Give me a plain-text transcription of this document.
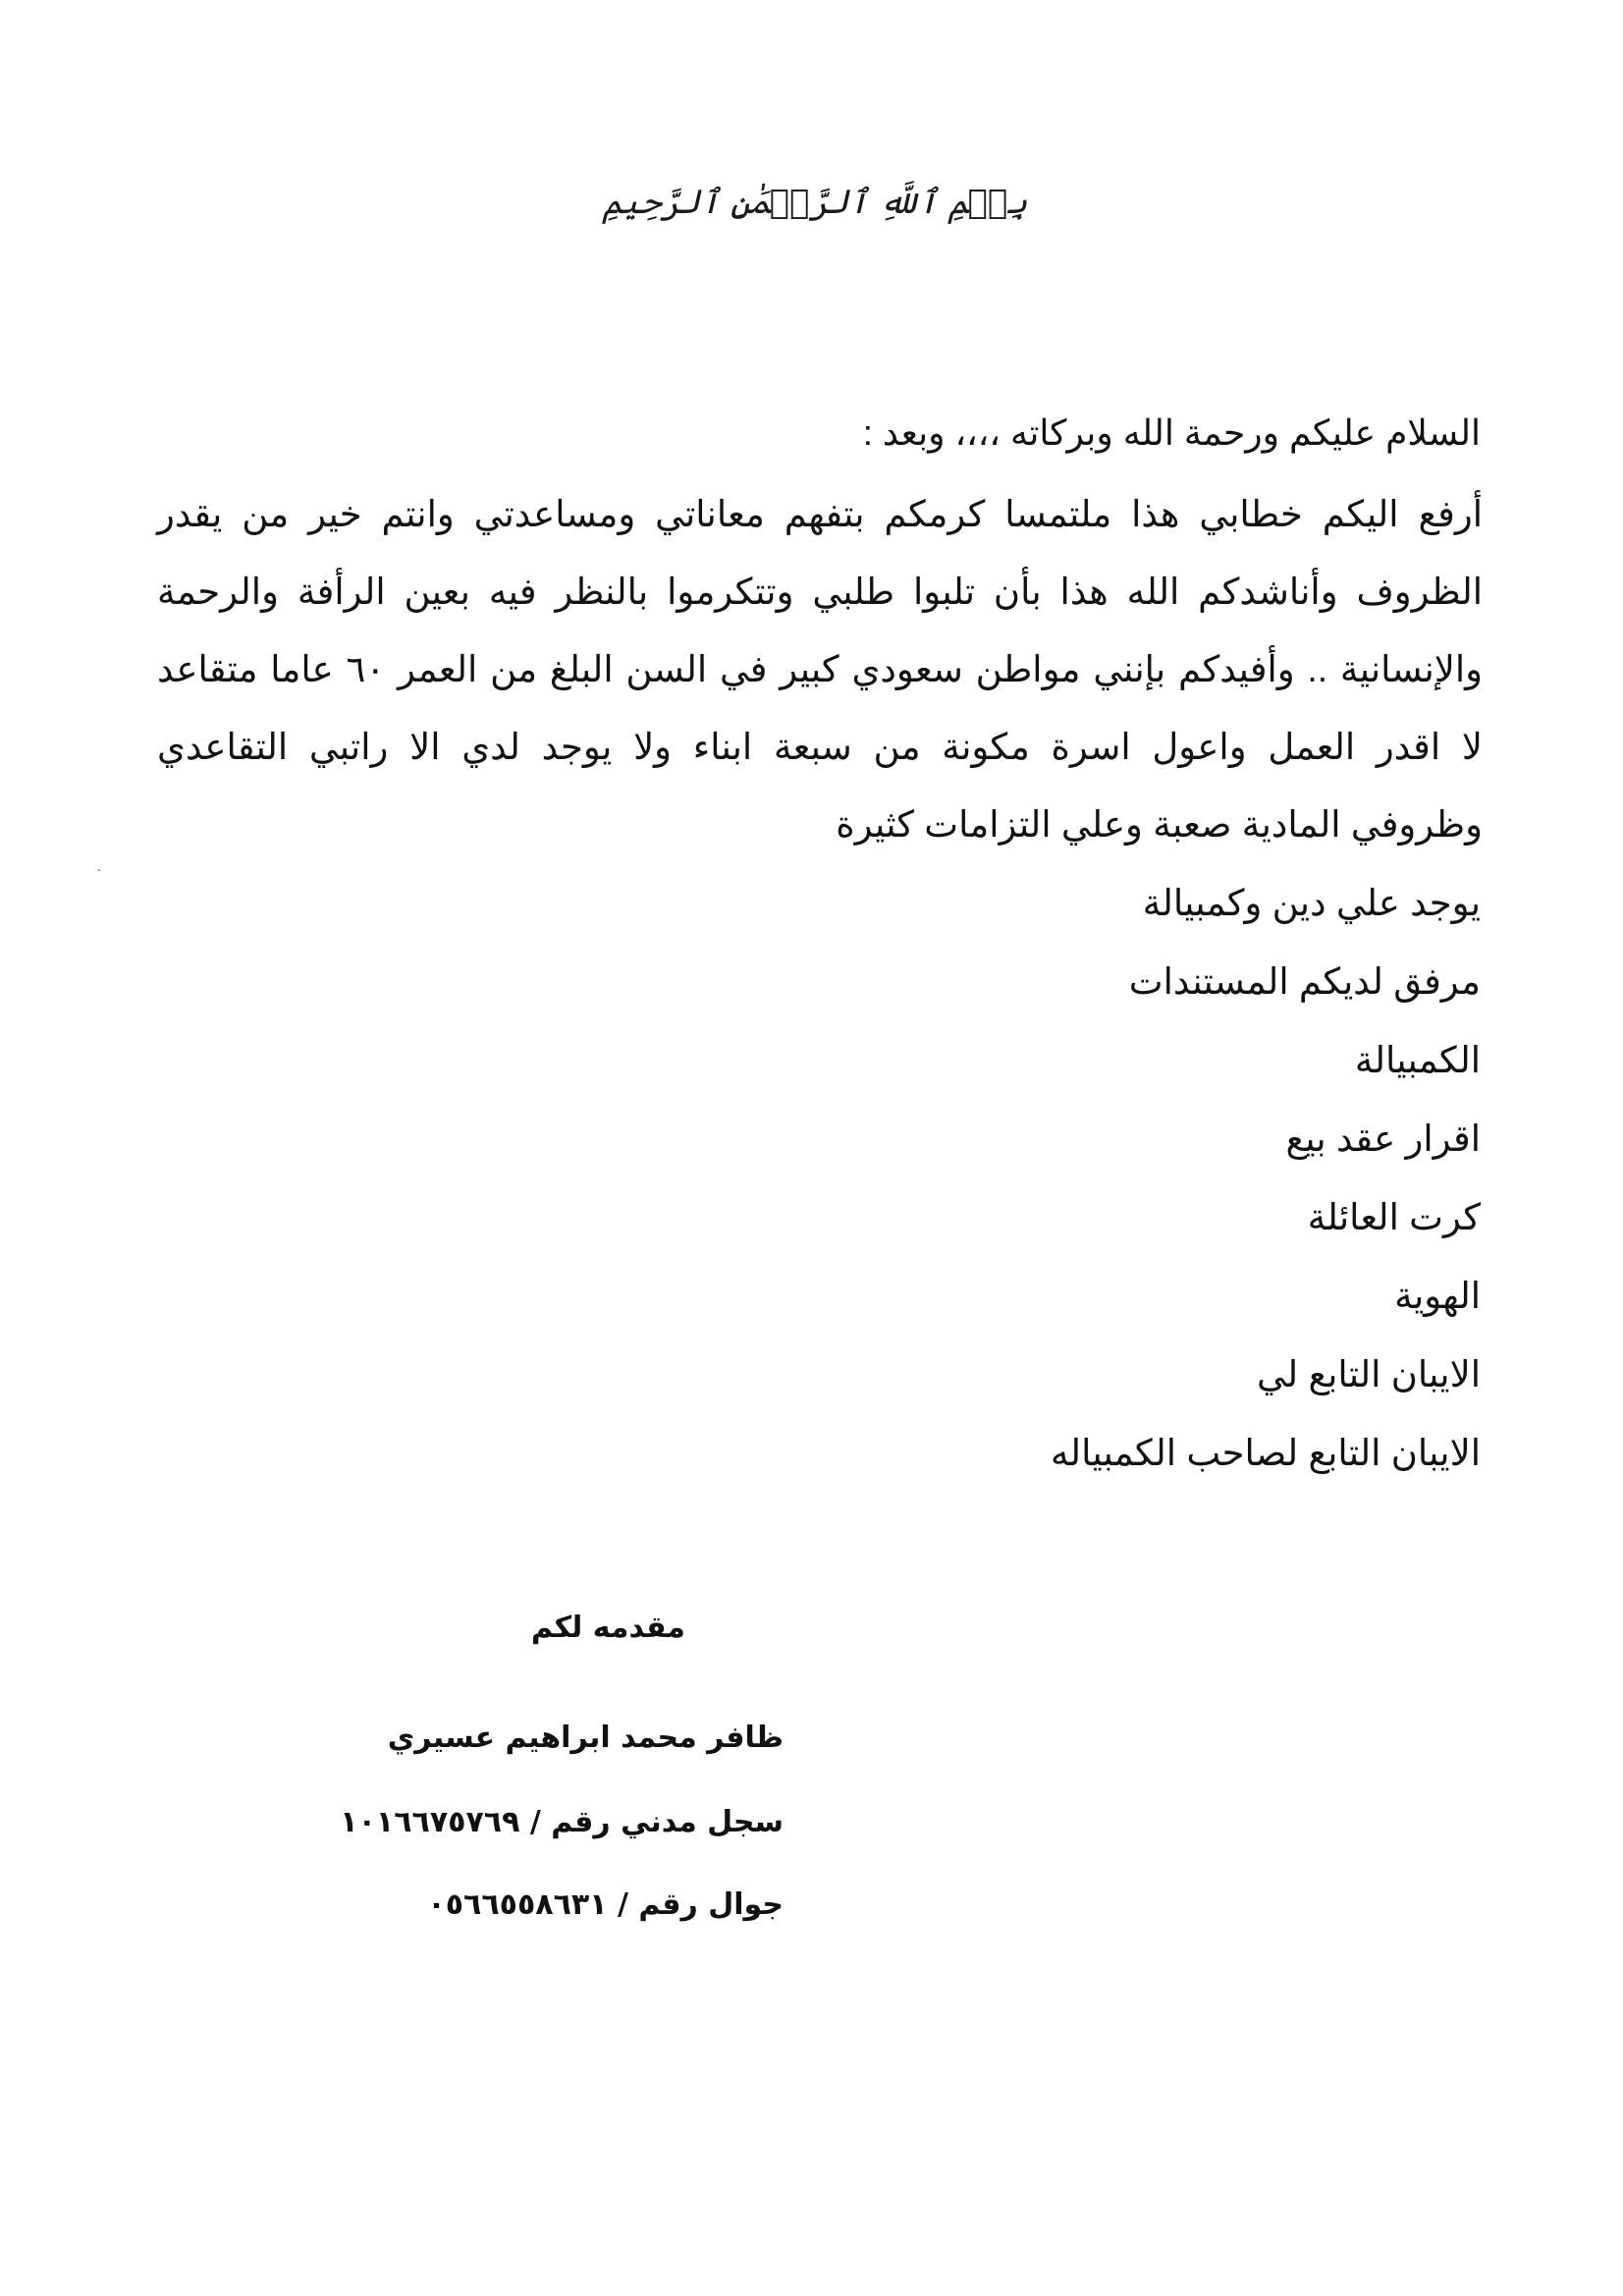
بِسۡمِ ٱللَّهِ ٱلرَّحۡمَٰنِ ٱلرَّحِيمِ
السلام عليكم ورحمة الله وبركاته ،،،، وبعد :
أرفع اليكم خطابي هذا ملتمسا كرمكم بتفهم معاناتي ومساعدتي وانتم خير من يقدر
الظروف وأناشدكم الله هذا بأن تلبوا طلبي وتتكرموا بالنظر فيه بعين الرأفة والرحمة
والإنسانية .. وأفيدكم بإنني مواطن سعودي كبير في السن البلغ من العمر ٦٠ عاما متقاعد
لا اقدر العمل واعول اسرة مكونة من سبعة ابناء ولا يوجد لدي الا راتبي التقاعدي
وظروفي المادية صعبة وعلي التزامات كثيرة
يوجد علي دين وكمبيالة
مرفق لديكم المستندات
الكمبيالة
اقرار عقد بيع
كرت العائلة
الهوية
الايبان التابع لي
الايبان التابع لصاحب الكمبياله
مقدمه لكم
ظافر محمد ابراهيم عسيري
سجل مدني رقم / ١٠١٦٦٧٥٧٦٩
جوال رقم / ٠٥٦٦٥٥٨٦٣١
